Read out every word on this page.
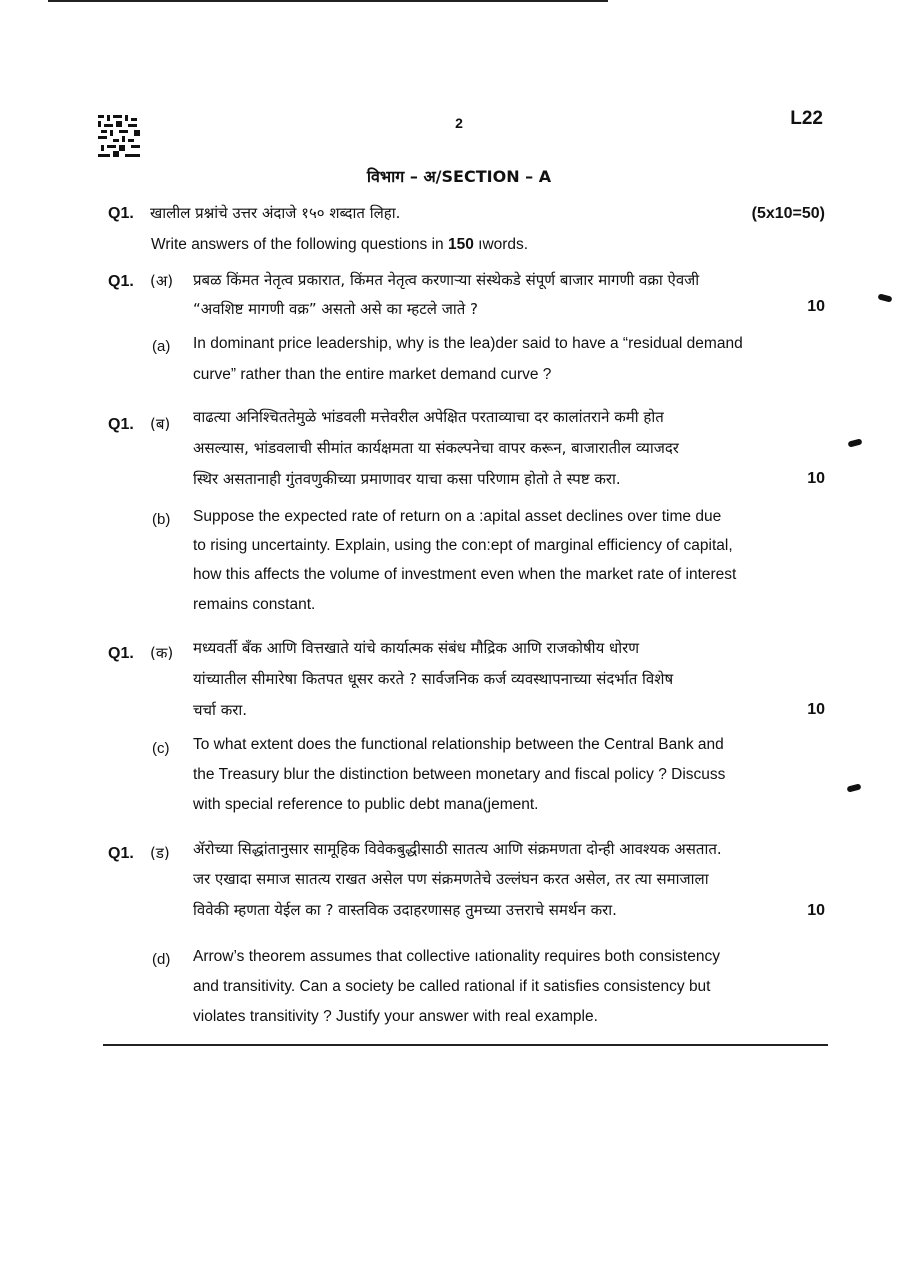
2	L22
विभाग – अ/SECTION – A
Q1. खालील प्रश्नांचे उत्तर अंदाजे १५० शब्दात लिहा.	(5x10=50)
Write answers of the following questions in 150 ıwords.
Q1. (अ) प्रबळ किंमत नेतृत्व प्रकारात, किंमत नेतृत्व करणाऱ्या संस्थेकडे संपूर्ण बाजार मागणी वक्रा ऐवजी
“अवशिष्ट मागणी वक्र” असतो असे का म्हटले जाते ?	10
(a) In dominant price leadership, why is the lea)der said to have a “residual demand
curve” rather than the entire market demand curve ?
Q1. (ब) वाढत्या अनिश्चिततेमुळे भांडवली मत्तेवरील अपेक्षित परताव्याचा दर कालांतराने कमी होत
असल्यास, भांडवलाची सीमांत कार्यक्षमता या संकल्पनेचा वापर करून, बाजारातील व्याजदर
स्थिर असतानाही गुंतवणुकीच्या प्रमाणावर याचा कसा परिणाम होतो ते स्पष्ट करा.	10
(b) Suppose the expected rate of return on a :apital asset declines over time due
to rising uncertainty. Explain, using the con:ept of marginal efficiency of capital,
how this affects the volume of investment even when the market rate of interest
remains constant.
Q1. (क) मध्यवर्ती बँक आणि वित्तखाते यांचे कार्यात्मक संबंध मौद्रिक आणि राजकोषीय धोरण
यांच्यातील सीमारेषा कितपत धूसर करते ? सार्वजनिक कर्ज व्यवस्थापनाच्या संदर्भात विशेष
चर्चा करा.	10
(c) To what extent does the functional relationship between the Central Bank and
the Treasury blur the distinction between monetary and fiscal policy ? Discuss
with special reference to public debt mana(jement.
Q1. (ड) ॲरोच्या सिद्धांतानुसार सामूहिक विवेकबुद्धीसाठी सातत्य आणि संक्रमणता दोन्ही आवश्यक असतात.
जर एखादा समाज सातत्य राखत असेल पण संक्रमणतेचे उल्लंघन करत असेल, तर त्या समाजाला
विवेकी म्हणता येईल का ? वास्तविक उदाहरणासह तुमच्या उत्तराचे समर्थन करा.	10
(d) Arrow’s theorem assumes that collective ıationality requires both consistency
and transitivity. Can a society be called rational if it satisfies consistency but
violates transitivity ? Justify your answer with real example.
